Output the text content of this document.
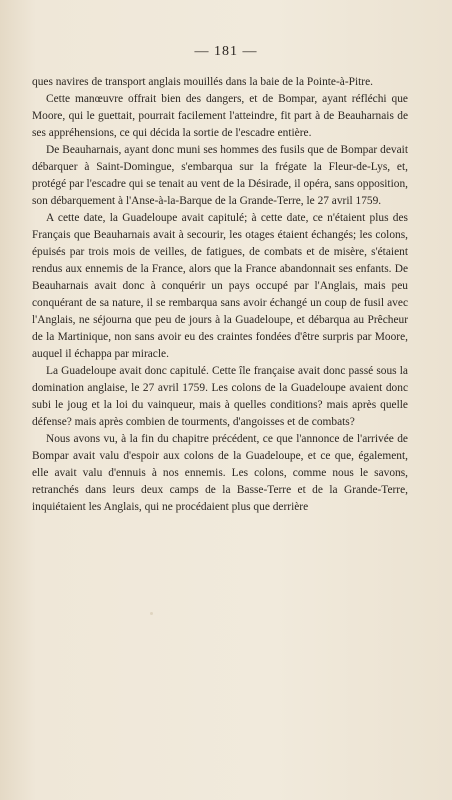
— 181 —

ques navires de transport anglais mouillés dans la baie de la Pointe-à-Pitre.

Cette manœuvre offrait bien des dangers, et de Bompar, ayant réfléchi que Moore, qui le guettait, pourrait facilement l'atteindre, fit part à de Beauharnais de ses appréhensions, ce qui décida la sortie de l'escadre entière.

De Beauharnais, ayant donc muni ses hommes des fusils que de Bompar devait débarquer à Saint-Domingue, s'embarqua sur la frégate la Fleur-de-Lys, et, protégé par l'escadre qui se tenait au vent de la Désirade, il opéra, sans opposition, son débarquement à l'Anse-à-la-Barque de la Grande-Terre, le 27 avril 1759.

A cette date, la Guadeloupe avait capitulé; à cette date, ce n'étaient plus des Français que Beauharnais avait à secourir, les otages étaient échangés; les colons, épuisés par trois mois de veilles, de fatigues, de combats et de misère, s'étaient rendus aux ennemis de la France, alors que la France abandonnait ses enfants. De Beauharnais avait donc à conquérir un pays occupé par l'Anglais, mais peu conquérant de sa nature, il se rembarqua sans avoir échangé un coup de fusil avec l'Anglais, ne séjourna que peu de jours à la Guadeloupe, et débarqua au Prêcheur de la Martinique, non sans avoir eu des craintes fondées d'être surpris par Moore, auquel il échappa par miracle.

La Guadeloupe avait donc capitulé. Cette île française avait donc passé sous la domination anglaise, le 27 avril 1759. Les colons de la Guadeloupe avaient donc subi le joug et la loi du vainqueur, mais à quelles conditions? mais après quelle défense? mais après combien de tourments, d'angoisses et de combats?

Nous avons vu, à la fin du chapitre précédent, ce que l'annonce de l'arrivée de Bompar avait valu d'espoir aux colons de la Guadeloupe, et ce que, également, elle avait valu d'ennuis à nos ennemis. Les colons, comme nous le savons, retranchés dans leurs deux camps de la Basse-Terre et de la Grande-Terre, inquiétaient les Anglais, qui ne procédaient plus que derrière
